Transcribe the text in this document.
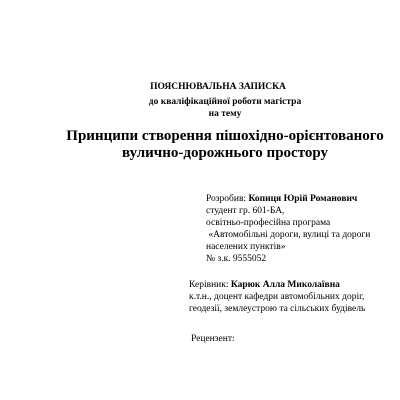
ПОЯСНЮВАЛЬНА ЗАПИСКА
до кваліфікаційної роботи магістра
на тему
Принципи створення пішохідно-орієнтованого
вулично-дорожнього простору
Розробив: Копиця Юрій Романович
студент гр. 601-БА,
освітньо-професійна програма
«Автомобільні дороги, вулиці та дороги
населених пунктів»
№ з.к. 9555052
Керівник: Карюк Алла Миколаївна
к.т.н., доцент кафедри автомобільних доріг,
геодезії, землеустрою та сільських будівель
Рецензент:
